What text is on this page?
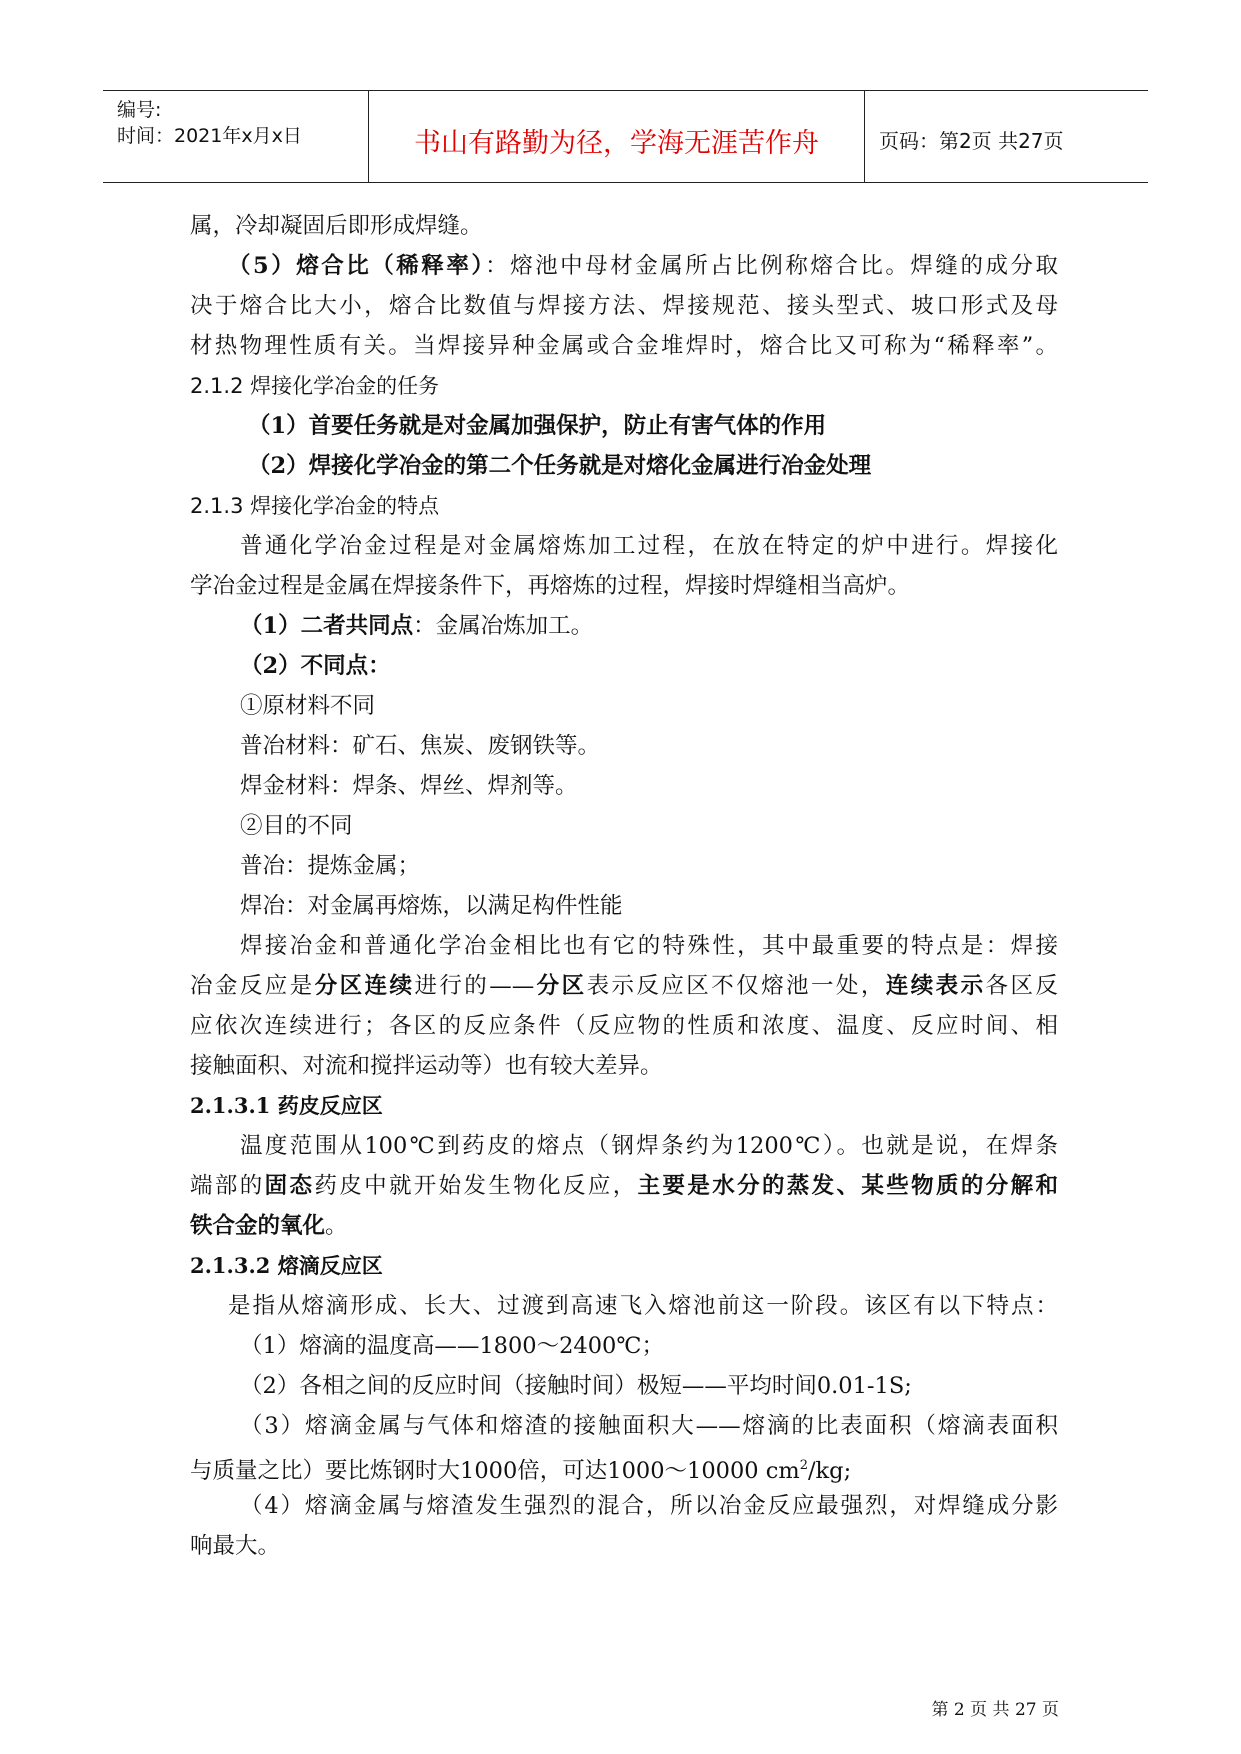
编号:
时间：2021年x月x日	书山有路勤为径，学海无涯苦作舟	页码：第2页 共27页
属，冷却凝固后即形成焊缝。
（5）熔合比（稀释率）：熔池中母材金属所占比例称熔合比。焊缝的成分取
决于熔合比大小，熔合比数值与焊接方法、焊接规范、接头型式、坡口形式及母
材热物理性质有关。当焊接异种金属或合金堆焊时，熔合比又可称为“稀释率”。
2.1.2 焊接化学冶金的任务
（1）首要任务就是对金属加强保护，防止有害气体的作用
（2）焊接化学冶金的第二个任务就是对熔化金属进行冶金处理
2.1.3 焊接化学冶金的特点
普通化学冶金过程是对金属熔炼加工过程，在放在特定的炉中进行。焊接化
学冶金过程是金属在焊接条件下，再熔炼的过程，焊接时焊缝相当高炉。
（1）二者共同点：金属冶炼加工。
（2）不同点：
①原材料不同
普冶材料：矿石、焦炭、废钢铁等。
焊金材料：焊条、焊丝、焊剂等。
②目的不同
普冶：提炼金属；
焊冶：对金属再熔炼，以满足构件性能
焊接冶金和普通化学冶金相比也有它的特殊性，其中最重要的特点是：焊接
冶金反应是分区连续进行的——分区表示反应区不仅熔池一处，连续表示各区反
应依次连续进行；各区的反应条件（反应物的性质和浓度、温度、反应时间、相
接触面积、对流和搅拌运动等）也有较大差异。
2.1.3.1 药皮反应区
温度范围从100℃到药皮的熔点（钢焊条约为1200℃）。也就是说，在焊条
端部的固态药皮中就开始发生物化反应，主要是水分的蒸发、某些物质的分解和
铁合金的氧化。
2.1.3.2 熔滴反应区
是指从熔滴形成、长大、过渡到高速飞入熔池前这一阶段。该区有以下特点：
（1）熔滴的温度高——1800～2400℃；
（2）各相之间的反应时间（接触时间）极短——平均时间0.01-1S;
（3）熔滴金属与气体和熔渣的接触面积大——熔滴的比表面积（熔滴表面积
与质量之比）要比炼钢时大1000倍，可达1000～10000 $cm^2/kg$;
（4）熔滴金属与熔渣发生强烈的混合，所以冶金反应最强烈，对焊缝成分影
响最大。
第 2 页 共 27 页
